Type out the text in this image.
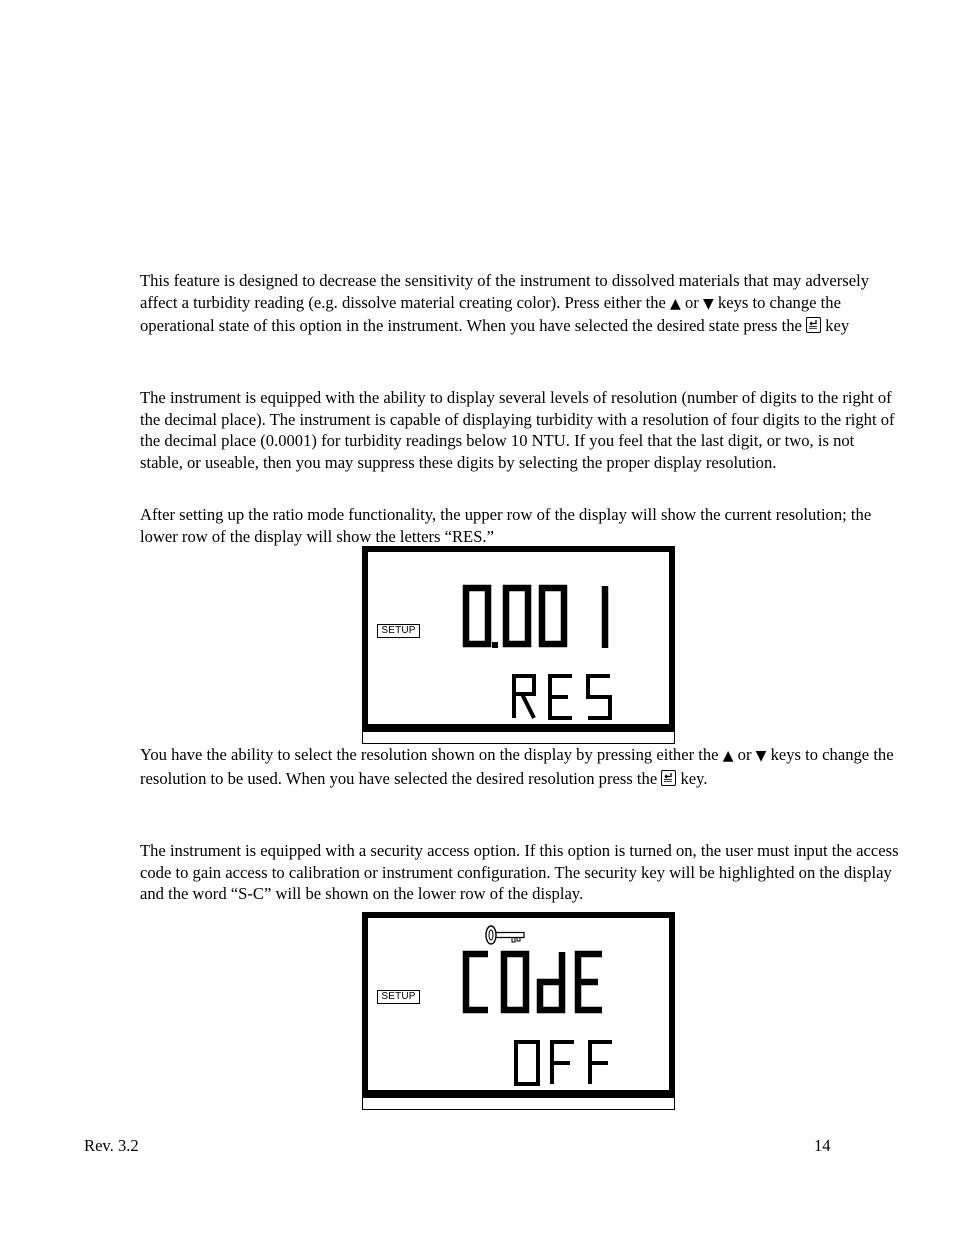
This feature is designed to decrease the sensitivity of the instrument to dissolved materials that may adversely affect a turbidity reading (e.g. dissolve material creating color). Press either the ▲ or ▼ keys to change the operational state of this option in the instrument. When you have selected the desired state press the key

The instrument is equipped with the ability to display several levels of resolution (number of digits to the right of the decimal place). The instrument is capable of displaying turbidity with a resolution of four digits to the right of the decimal place (0.0001) for turbidity readings below 10 NTU. If you feel that the last digit, or two, is not stable, or useable, then you may suppress these digits by selecting the proper display resolution.

After setting up the ratio mode functionality, the upper row of the display will show the current resolution; the lower row of the display will show the letters “RES.”

SETUP

You have the ability to select the resolution shown on the display by pressing either the ▲ or ▼ keys to change the resolution to be used. When you have selected the desired resolution press the key.

The instrument is equipped with a security access option. If this option is turned on, the user must input the access code to gain access to calibration or instrument configuration. The security key will be highlighted on the display and the word “S-C” will be shown on the lower row of the display.

SETUP
Rev. 3.2	14
